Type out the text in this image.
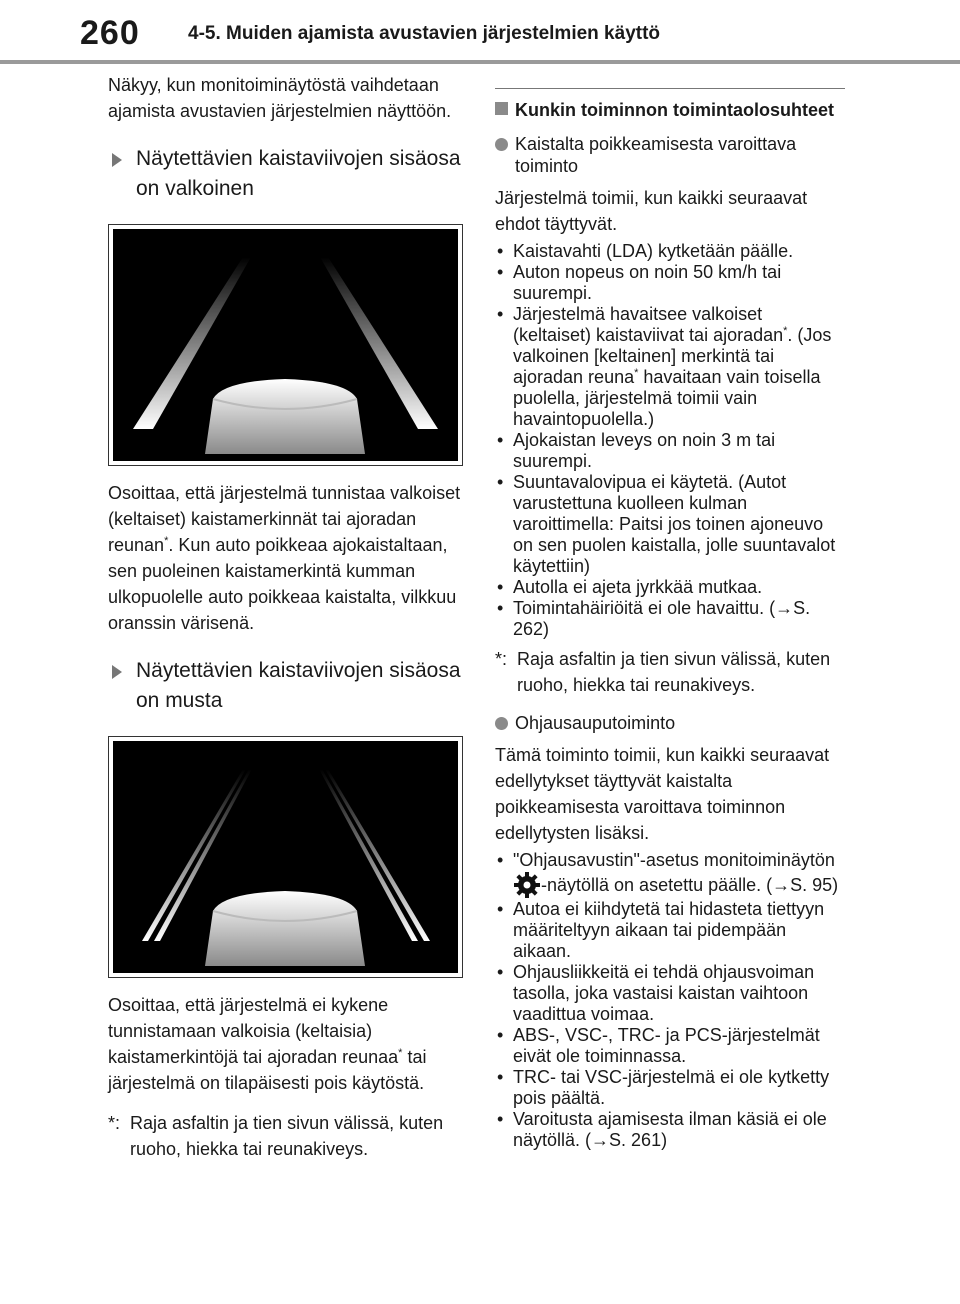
260	4-5. Muiden ajamista avustavien järjestelmien käyttö

Näkyy, kun monitoiminäytöstä vaihdetaan ajamista avustavien järjestelmien näyttöön.

Näytettävien kaistaviivojen sisäosa on valkoinen

Osoittaa, että järjestelmä tunnistaa valkoiset (keltaiset) kaistamerkinnät tai ajoradan reunan*. Kun auto poikkeaa ajokaistaltaan, sen puoleinen kaistamerkintä kumman ulkopuolelle auto poikkeaa kaistalta, vilkkuu oranssin värisenä.

Näytettävien kaistaviivojen sisäosa on musta

Osoittaa, että järjestelmä ei kykene tunnistamaan valkoisia (keltaisia) kaistamerkintöjä tai ajoradan reunaa* tai järjestelmä on tilapäisesti pois käytöstä.

*: Raja asfaltin ja tien sivun välissä, kuten ruoho, hiekka tai reunakiveys.
Kunkin toiminnon toimintaolosuhteet
Kaistalta poikkeamisesta varoittava toiminto

Järjestelmä toimii, kun kaikki seuraavat ehdot täyttyvät.

• Kaistavahti (LDA) kytketään päälle.
• Auton nopeus on noin 50 km/h tai suurempi.
• Järjestelmä havaitsee valkoiset (keltaiset) kaistaviivat tai ajoradan*. (Jos valkoinen [keltainen] merkintä tai ajoradan reuna* havaitaan vain toisella puolella, järjestelmä toimii vain havaintopuolella.)
• Ajokaistan leveys on noin 3 m tai suurempi.
• Suuntavalovipua ei käytetä. (Autot varustettuna kuolleen kulman varoittimella: Paitsi jos toinen ajoneuvo on sen puolen kaistalla, jolle suuntavalot käytettiin)
• Autolla ei ajeta jyrkkää mutkaa.
• Toimintahäiriöitä ei ole havaittu. (→S. 262)
*: Raja asfaltin ja tien sivun välissä, kuten ruoho, hiekka tai reunakiveys.
Ohjausauputoiminto

Tämä toiminto toimii, kun kaikki seuraavat edellytykset täyttyvät kaistalta poikkeamisesta varoittava toiminnon edellytysten lisäksi.

• "Ohjausavustin"-asetus monitoiminäytön -näytöllä on asetettu päälle. (→S. 95)
• Autoa ei kiihdytetä tai hidasteta tiettyyn määriteltyyn aikaan tai pidempään aikaan.
• Ohjausliikkeitä ei tehdä ohjausvoiman tasolla, joka vastaisi kaistan vaihtoon vaadittua voimaa.
• ABS-, VSC-, TRC- ja PCS-järjestelmät eivät ole toiminnassa.
• TRC- tai VSC-järjestelmä ei ole kytketty pois päältä.
• Varoitusta ajamisesta ilman käsiä ei ole näytöllä. (→S. 261)
